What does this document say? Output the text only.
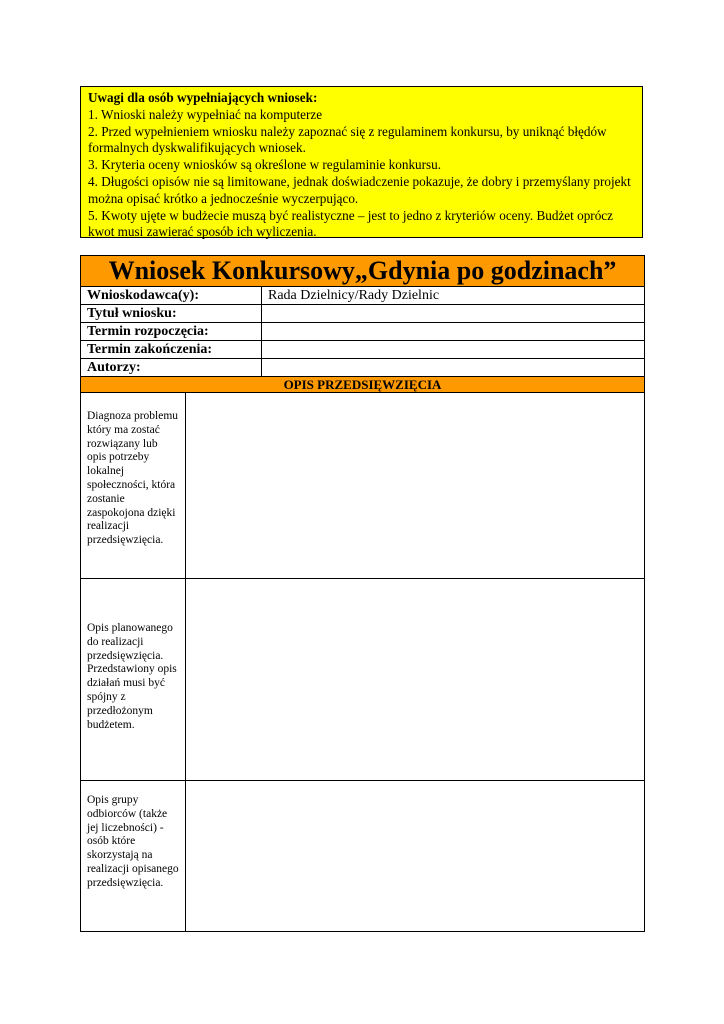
Uwagi dla osób wypełniających wniosek:
1. Wnioski należy wypełniać na komputerze
2. Przed wypełnieniem wniosku należy zapoznać się z regulaminem konkursu, by uniknąć błędów formalnych dyskwalifikujących wniosek.
3. Kryteria oceny wniosków są określone w regulaminie konkursu.
4. Długości opisów nie są limitowane, jednak doświadczenie pokazuje, że dobry i przemyślany projekt można opisać krótko a jednocześnie wyczerpująco.
5. Kwoty ujęte w budżecie muszą być realistyczne – jest to jedno z kryteriów oceny. Budżet oprócz kwot musi zawierać sposób ich wyliczenia.
Wniosek Konkursowy„Gdynia po godzinach”
Wnioskodawca(y):	Rada Dzielnicy/Rady Dzielnic
Tytuł wniosku:
Termin rozpoczęcia:
Termin zakończenia:
Autorzy:
OPIS PRZEDSIĘWZIĘCIA
Diagnoza problemu który ma zostać rozwiązany lub opis potrzeby lokalnej społeczności, która zostanie zaspokojona dzięki realizacji przedsięwzięcia.
Opis planowanego do realizacji przedsięwzięcia. Przedstawiony opis działań musi być spójny z przedłożonym budżetem.
Opis grupy odbiorców (także jej liczebności) - osób które skorzystają na realizacji opisanego przedsięwzięcia.
